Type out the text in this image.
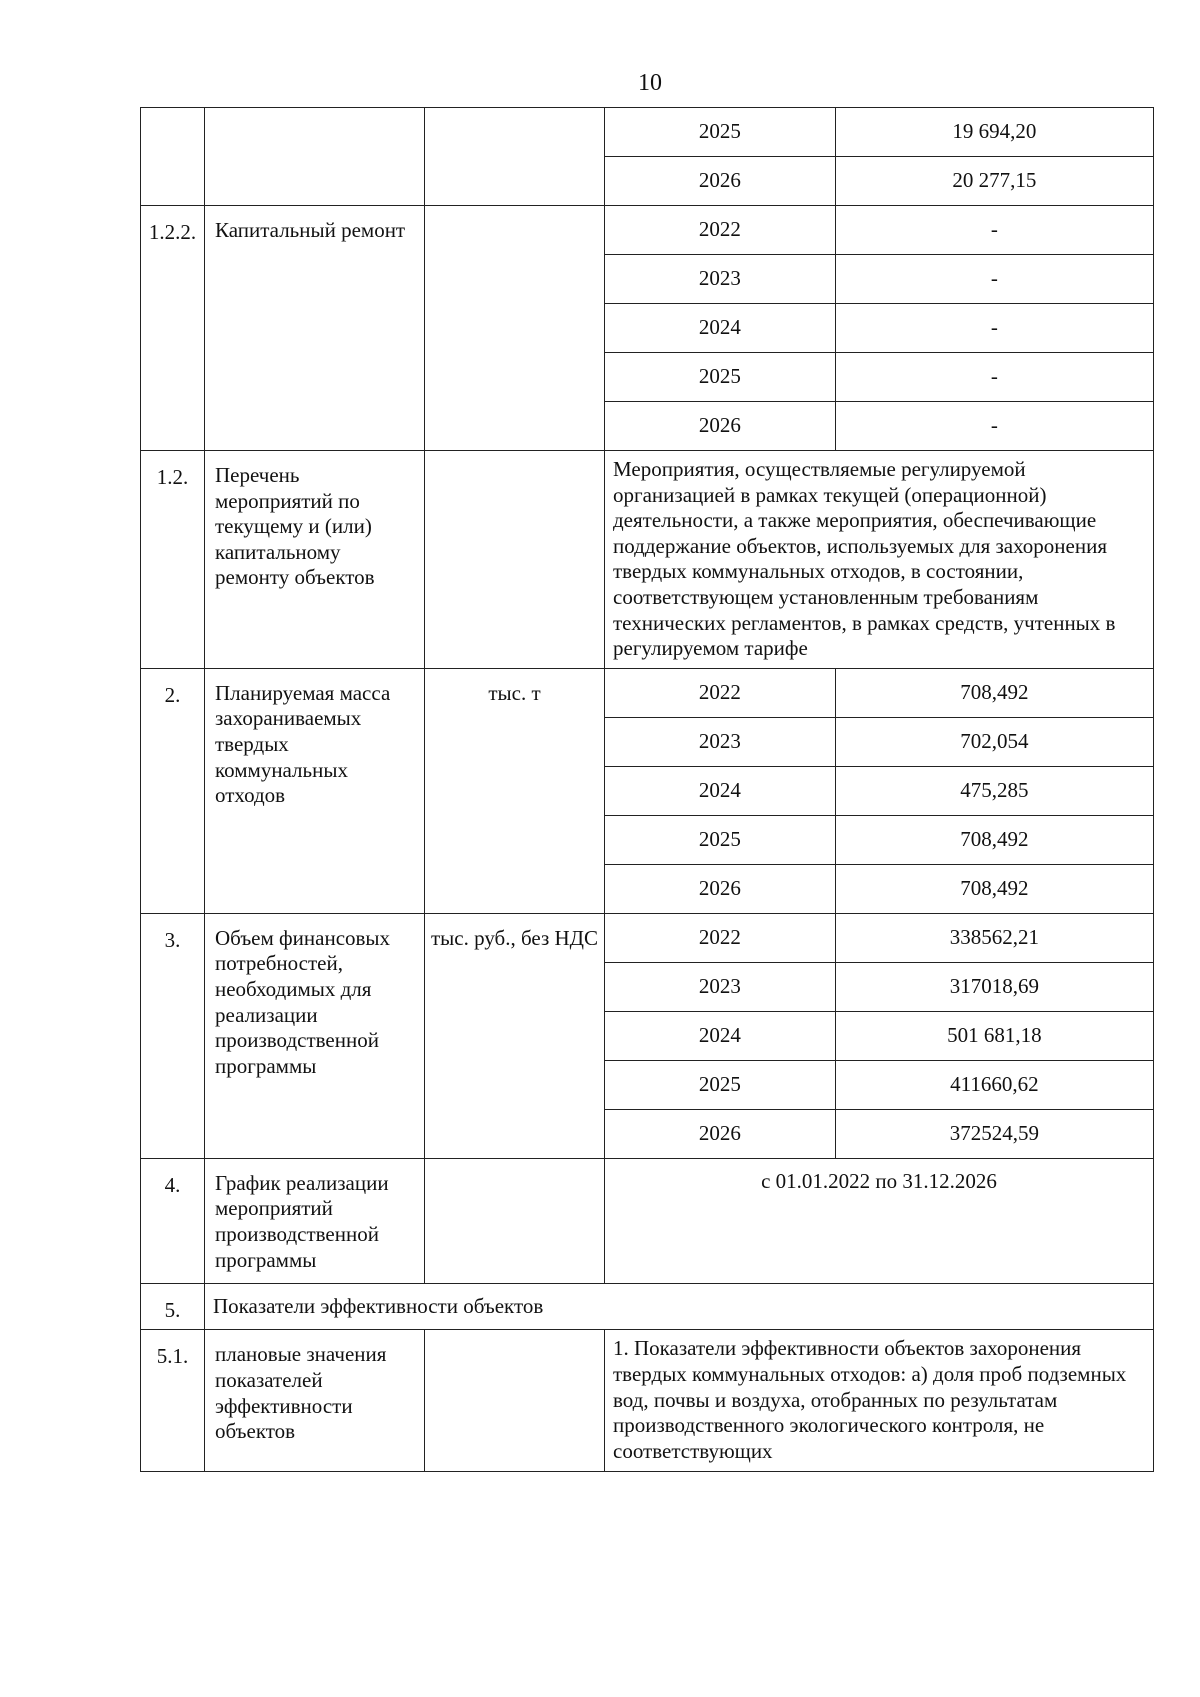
10

2025	19 694,20
2026	20 277,15

1.2.2.	Капитальный ремонт			2022	-
2023	-
2024	-
2025	-
2026	-

1.2.	Перечень мероприятий по текущему и (или) капитальному ремонту объектов		Мероприятия, осуществляемые регулируемой организацией в рамках текущей (операционной) деятельности, а также мероприятия, обеспечивающие поддержание объектов, используемых для захоронения твердых коммунальных отходов, в состоянии, соответствующем установленным требованиям технических регламентов, в рамках средств, учтенных в регулируемом тарифе
2.	Планируемая масса захораниваемых твердых коммунальных отходов	тыс. т		2022	708,492
2023	702,054
2024	475,285
2025	708,492
2026	708,492

3.	Объем финансовых потребностей, необходимых для реализации производственной программы	тыс. руб., без НДС		2022	338562,21
2023	317018,69
2024	501 681,18
2025	411660,62
2026	372524,59

4.	График реализации мероприятий производственной программы		с 01.01.2022 по 31.12.2026
5.	Показатели эффективности объектов
5.1.	плановые значения показателей эффективности объектов		1. Показатели эффективности объектов захоронения твердых коммунальных отходов: а) доля проб подземных вод, почвы и воздуха, отобранных по результатам производственного экологического контроля, не соответствующих
